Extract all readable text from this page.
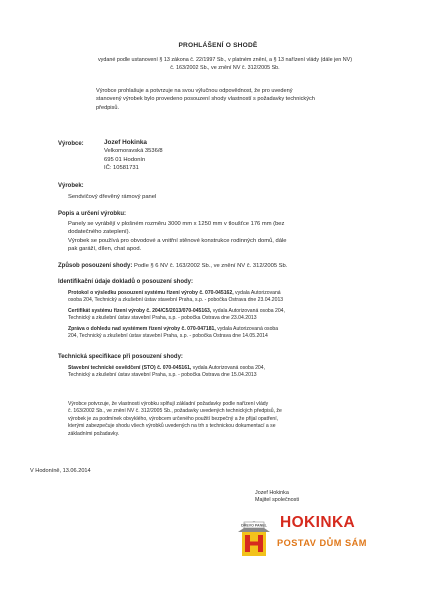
PROHLÁŠENÍ O SHODĚ
vydané podle ustanovení § 13 zákona č. 22/1997 Sb., v platném znění, a § 13 nařízení vlády (dále jen NV)
č. 163/2002 Sb., ve znění NV č. 312/2005 Sb.
Výrobce prohlašuje a potvrzuje na svou výlučnou odpovědnost, že pro uvedený
stanovený výrobek bylo provedeno posouzení shody vlastností s požadavky technických
předpisů.
Výrobce:	Jozef Hokinka
Velkomoravská 3536/8
695 01 Hodonín
IČ: 10581731
Výrobek:
Sendvičový dřevěný rámový panel
Popis a určení výrobku:
Panely se vyrábějí v plošném rozměru 3000 mm x 1250 mm v tloušťce 176 mm (bez
dodatečného zateplení).
Výrobek se používá pro obvodové a vnitřní stěnové konstrukce rodinných domů, dále
pak garáží, dílen, chat apod.
Způsob posouzení shody: Podle § 6 NV č. 163/2002 Sb., ve znění NV č. 312/2005 Sb.
Identifikační údaje dokladů o posouzení shody:
Protokol o výsledku posouzení systému řízení výroby č. 070-045162, vydala Autorizovaná
osoba 204, Technický a zkušební ústav stavební Praha, s.p. - pobočka Ostrava dne 23.04.2013
Certifikát systému řízení výroby č. 204/C5/2013/070-045163, vydala Autorizovaná osoba 204,
Technický a zkušební ústav stavební Praha, s.p. - pobočka Ostrava dne 23.04.2013
Zpráva o dohledu nad systémem řízení výroby č. 070-047181, vydala Autorizovaná osoba
204, Technický a zkušební ústav stavební Praha, s.p. - pobočka Ostrava dne 14.05.2014
Technická specifikace při posouzení shody:
Stavební technické osvědčení (STO) č. 070-045161, vydala Autorizovaná osoba 204,
Technický a zkušební ústav stavební Praha, s.p. - pobočka Ostrava dne 15.04.2013
Výrobce potvrzuje, že vlastnosti výrobku splňují základní požadavky podle nařízení vlády
č. 163/2002 Sb., ve znění NV č. 312/2005 Sb., požadavky uvedených technických předpisů, že
výrobek je za podmínek obvyklého, výrobcem určeného použití bezpečný a že přijal opatření,
kterými zabezpečuje shodu všech výrobků uvedených na trh s technickou dokumentací a se
základními požadavky.
V Hodoníně, 13.06.2014
Jozef Hokinka
Majitel společnosti
DŘEVO PANEL HOKINKA
POSTAV DŮM SÁM
